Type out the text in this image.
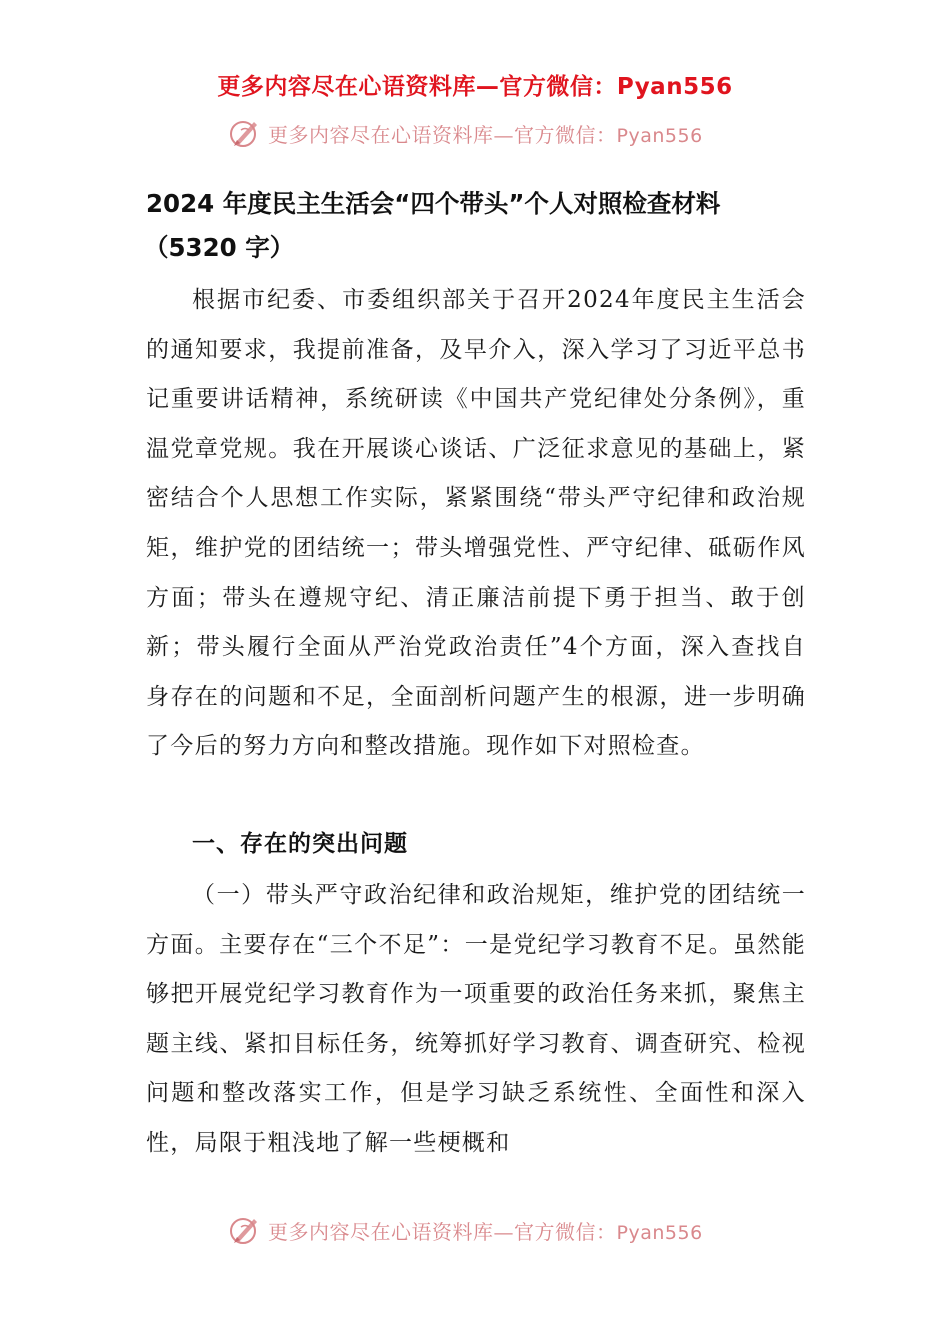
更多内容尽在心语资料库—官方微信：Pyan556
更多内容尽在心语资料库—官方微信：Pyan556
2024 年度民主生活会“四个带头”个人对照检查材料
（5320 字）

根据市纪委、市委组织部关于召开2024年度民主生活会的通知要求，我提前准备，及早介入，深入学习了习近平总书记重要讲话精神，系统研读《中国共产党纪律处分条例》，重温党章党规。我在开展谈心谈话、广泛征求意见的基础上，紧密结合个人思想工作实际，紧紧围绕“带头严守纪律和政治规矩，维护党的团结统一；带头增强党性、严守纪律、砥砺作风方面；带头在遵规守纪、清正廉洁前提下勇于担当、敢于创新；带头履行全面从严治党政治责任”4个方面，深入查找自身存在的问题和不足，全面剖析问题产生的根源，进一步明确了今后的努力方向和整改措施。现作如下对照检查。

一、存在的突出问题

（一）带头严守政治纪律和政治规矩，维护党的团结统一方面。主要存在“三个不足”：一是党纪学习教育不足。虽然能够把开展党纪学习教育作为一项重要的政治任务来抓，聚焦主题主线、紧扣目标任务，统筹抓好学习教育、调查研究、检视问题和整改落实工作，但是学习缺乏系统性、全面性和深入性，局限于粗浅地了解一些梗概和

更多内容尽在心语资料库—官方微信：Pyan556
